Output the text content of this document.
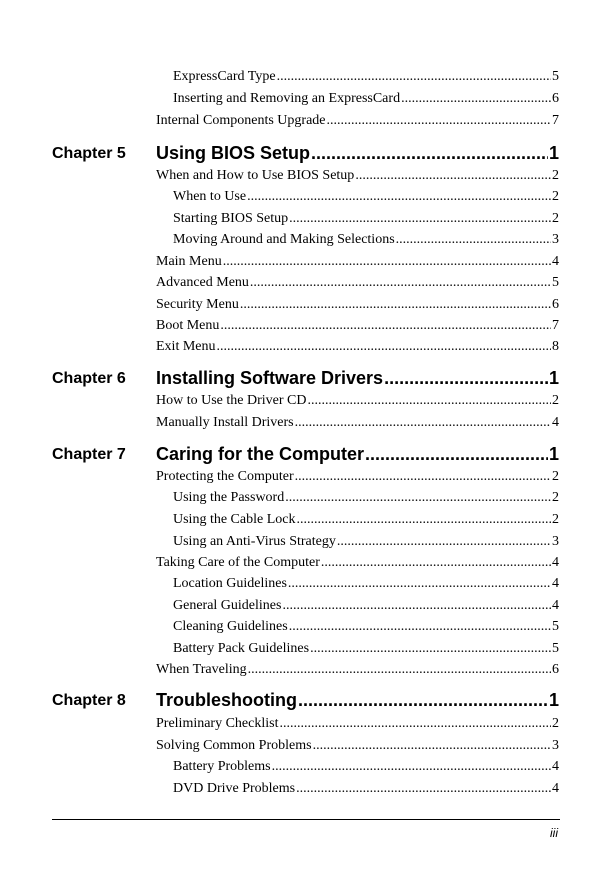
ExpressCard Type .....	5
Inserting and Removing an ExpressCard .....	6
Internal Components Upgrade .....	7
Chapter 5 Using BIOS Setup .....	1
When and How to Use BIOS Setup .....	2
When to Use .....	2
Starting BIOS Setup .....	2
Moving Around and Making Selections .....	3
Main Menu .....	4
Advanced Menu .....	5
Security Menu .....	6
Boot Menu .....	7
Exit Menu .....	8
Chapter 6 Installing Software Drivers .....	1
How to Use the Driver CD .....	2
Manually Install Drivers .....	4
Chapter 7 Caring for the Computer .....	1
Protecting the Computer .....	2
Using the Password .....	2
Using the Cable Lock .....	2
Using an Anti-Virus Strategy .....	3
Taking Care of the Computer .....	4
Location Guidelines .....	4
General Guidelines .....	4
Cleaning Guidelines .....	5
Battery Pack Guidelines .....	5
When Traveling .....	6
Chapter 8 Troubleshooting .....	1
Preliminary Checklist .....	2
Solving Common Problems .....	3
Battery Problems .....	4
DVD Drive Problems .....	4
iii
